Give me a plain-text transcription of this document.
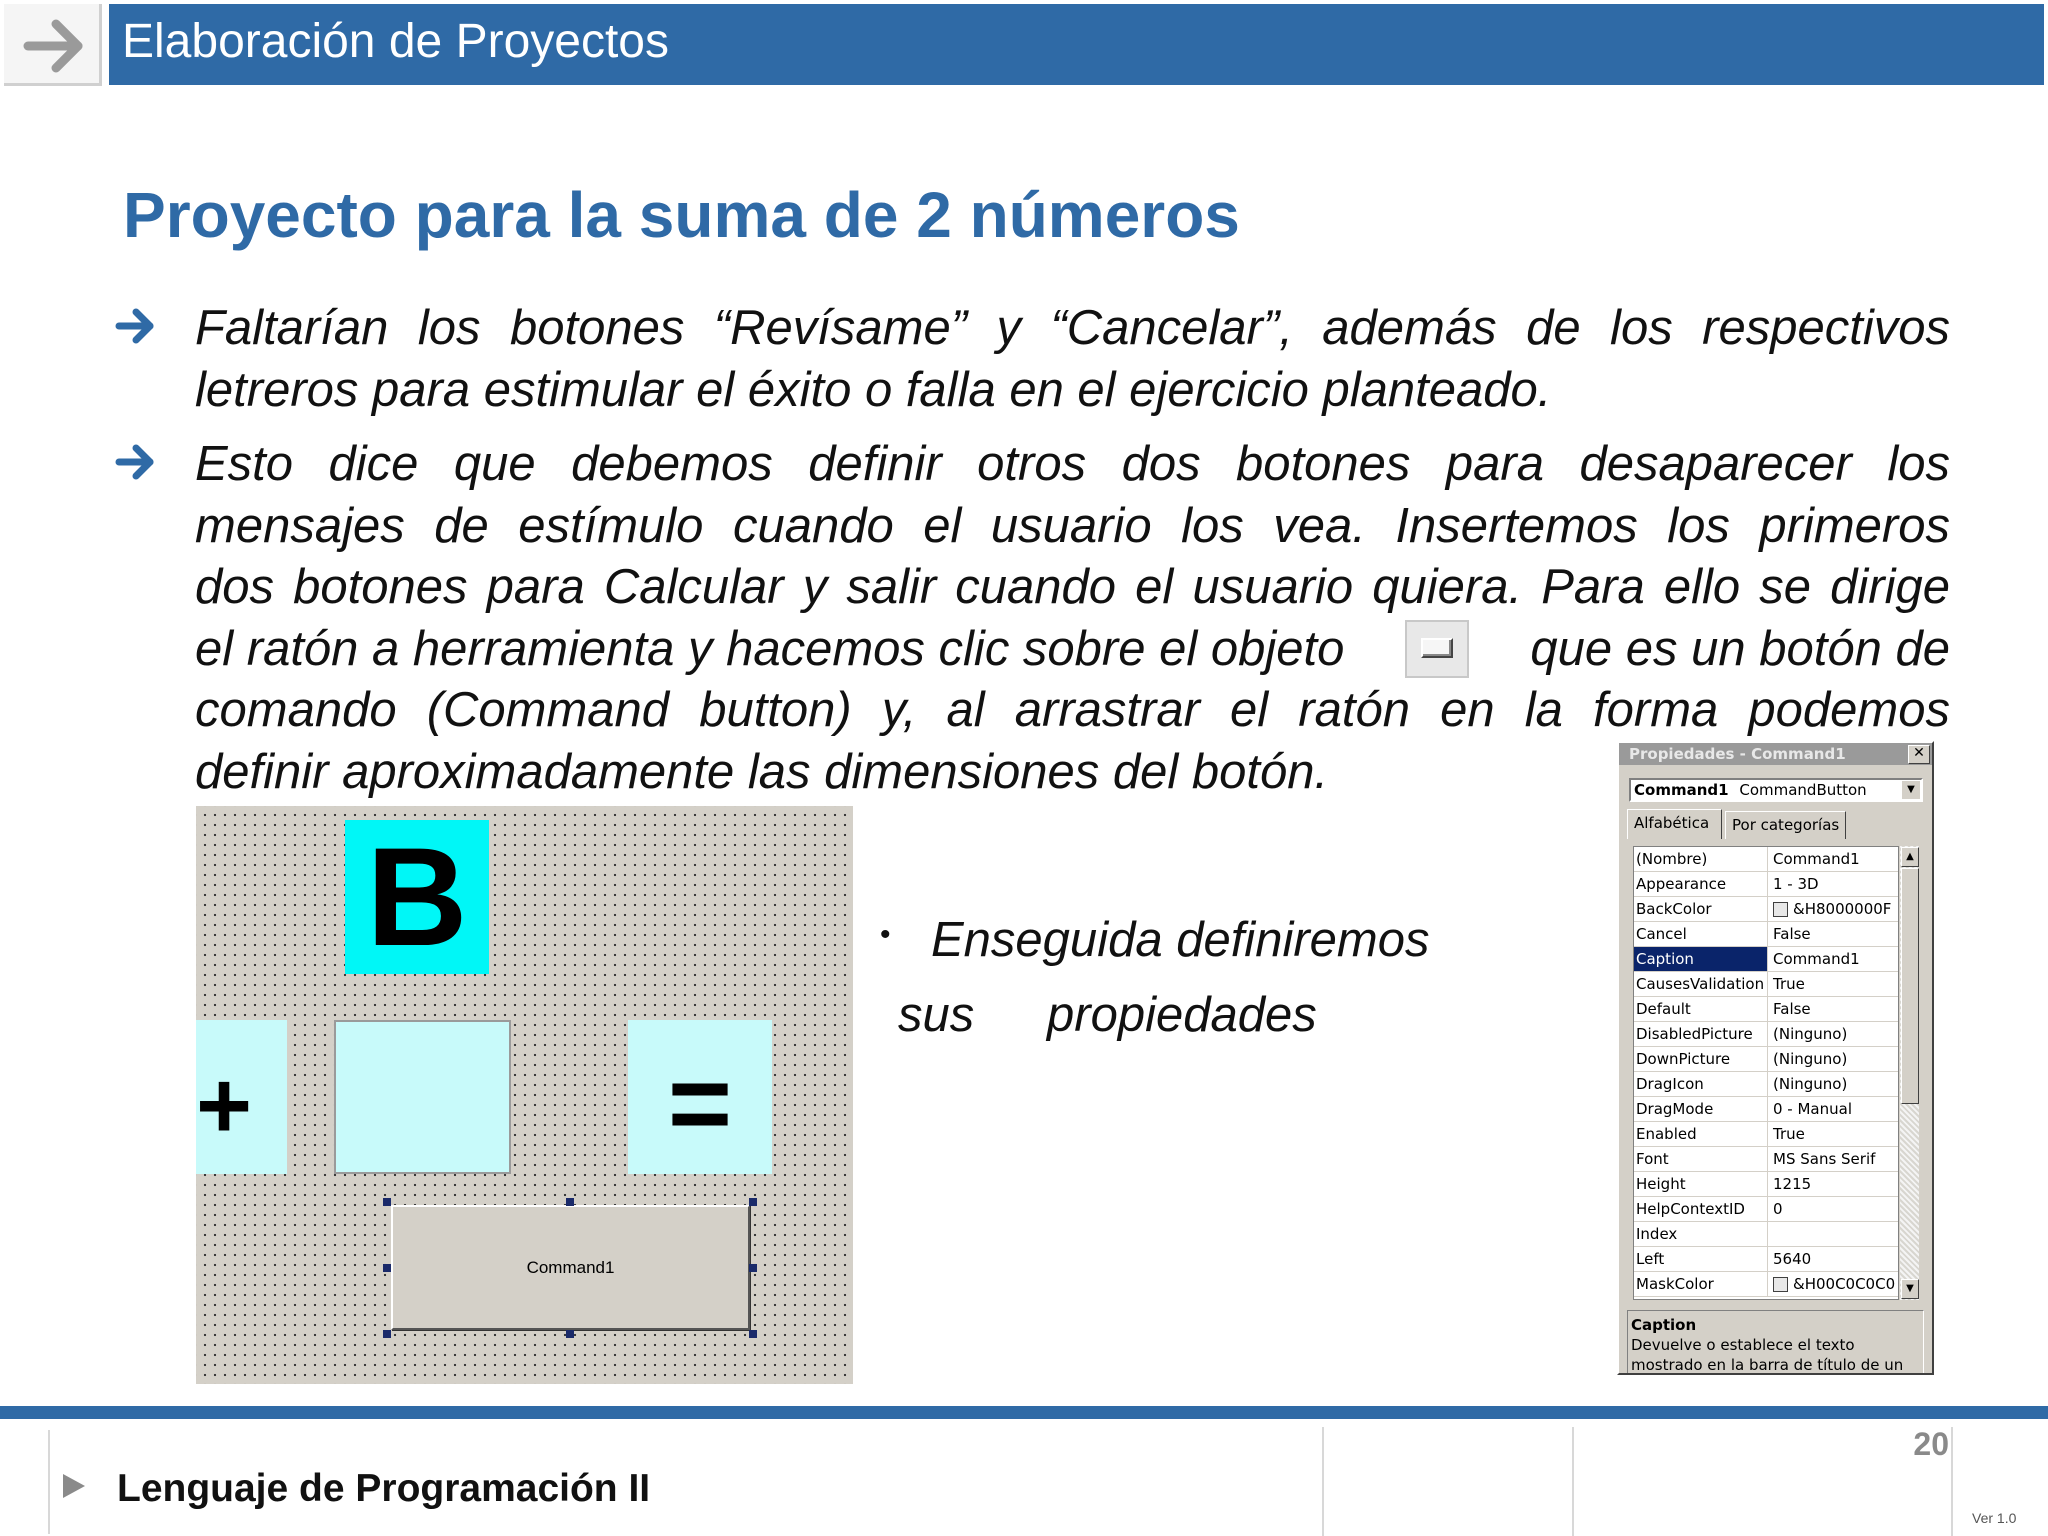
Elaboración de Proyectos
Proyecto para la suma de 2 números
Faltarían los botones “Revísame” y “Cancelar”, además de los respectivos
letreros para estimular el éxito o falla en el ejercicio planteado.
Esto dice que debemos definir otros dos botones para desaparecer los
mensajes de estímulo cuando el usuario los vea. Insertemos los primeros
dos botones para Calcular y salir cuando el usuario quiera. Para ello se dirige
el ratón a herramienta y hacemos clic sobre el objeto	que es un botón de
comando (Command button) y, al arrastrar el ratón en la forma podemos
definir aproximadamente las dimensiones del botón.
B
+	=
Command1
• Enseguida definiremos
sus propiedades
Propiedades - Command1	✕
Command1 CommandButton	▼
Alfabética	Por categorías
(Nombre)	Command1
Appearance	1 - 3D
BackColor	&H8000000F
Cancel	False
Caption	Command1
CausesValidation True
Default	False
DisabledPicture	(Ninguno)
DownPicture	(Ninguno)
DragIcon	(Ninguno)
DragMode	0 - Manual
Enabled	True
Font	MS Sans Serif
Height	1215
HelpContextID	0
Index
Left	5640
MaskColor	&H00C0C0C0
▲
▼
Caption
Devuelve o establece el texto mostrado en la barra de título de un
Lenguaje de Programación II
20
Ver 1.0
